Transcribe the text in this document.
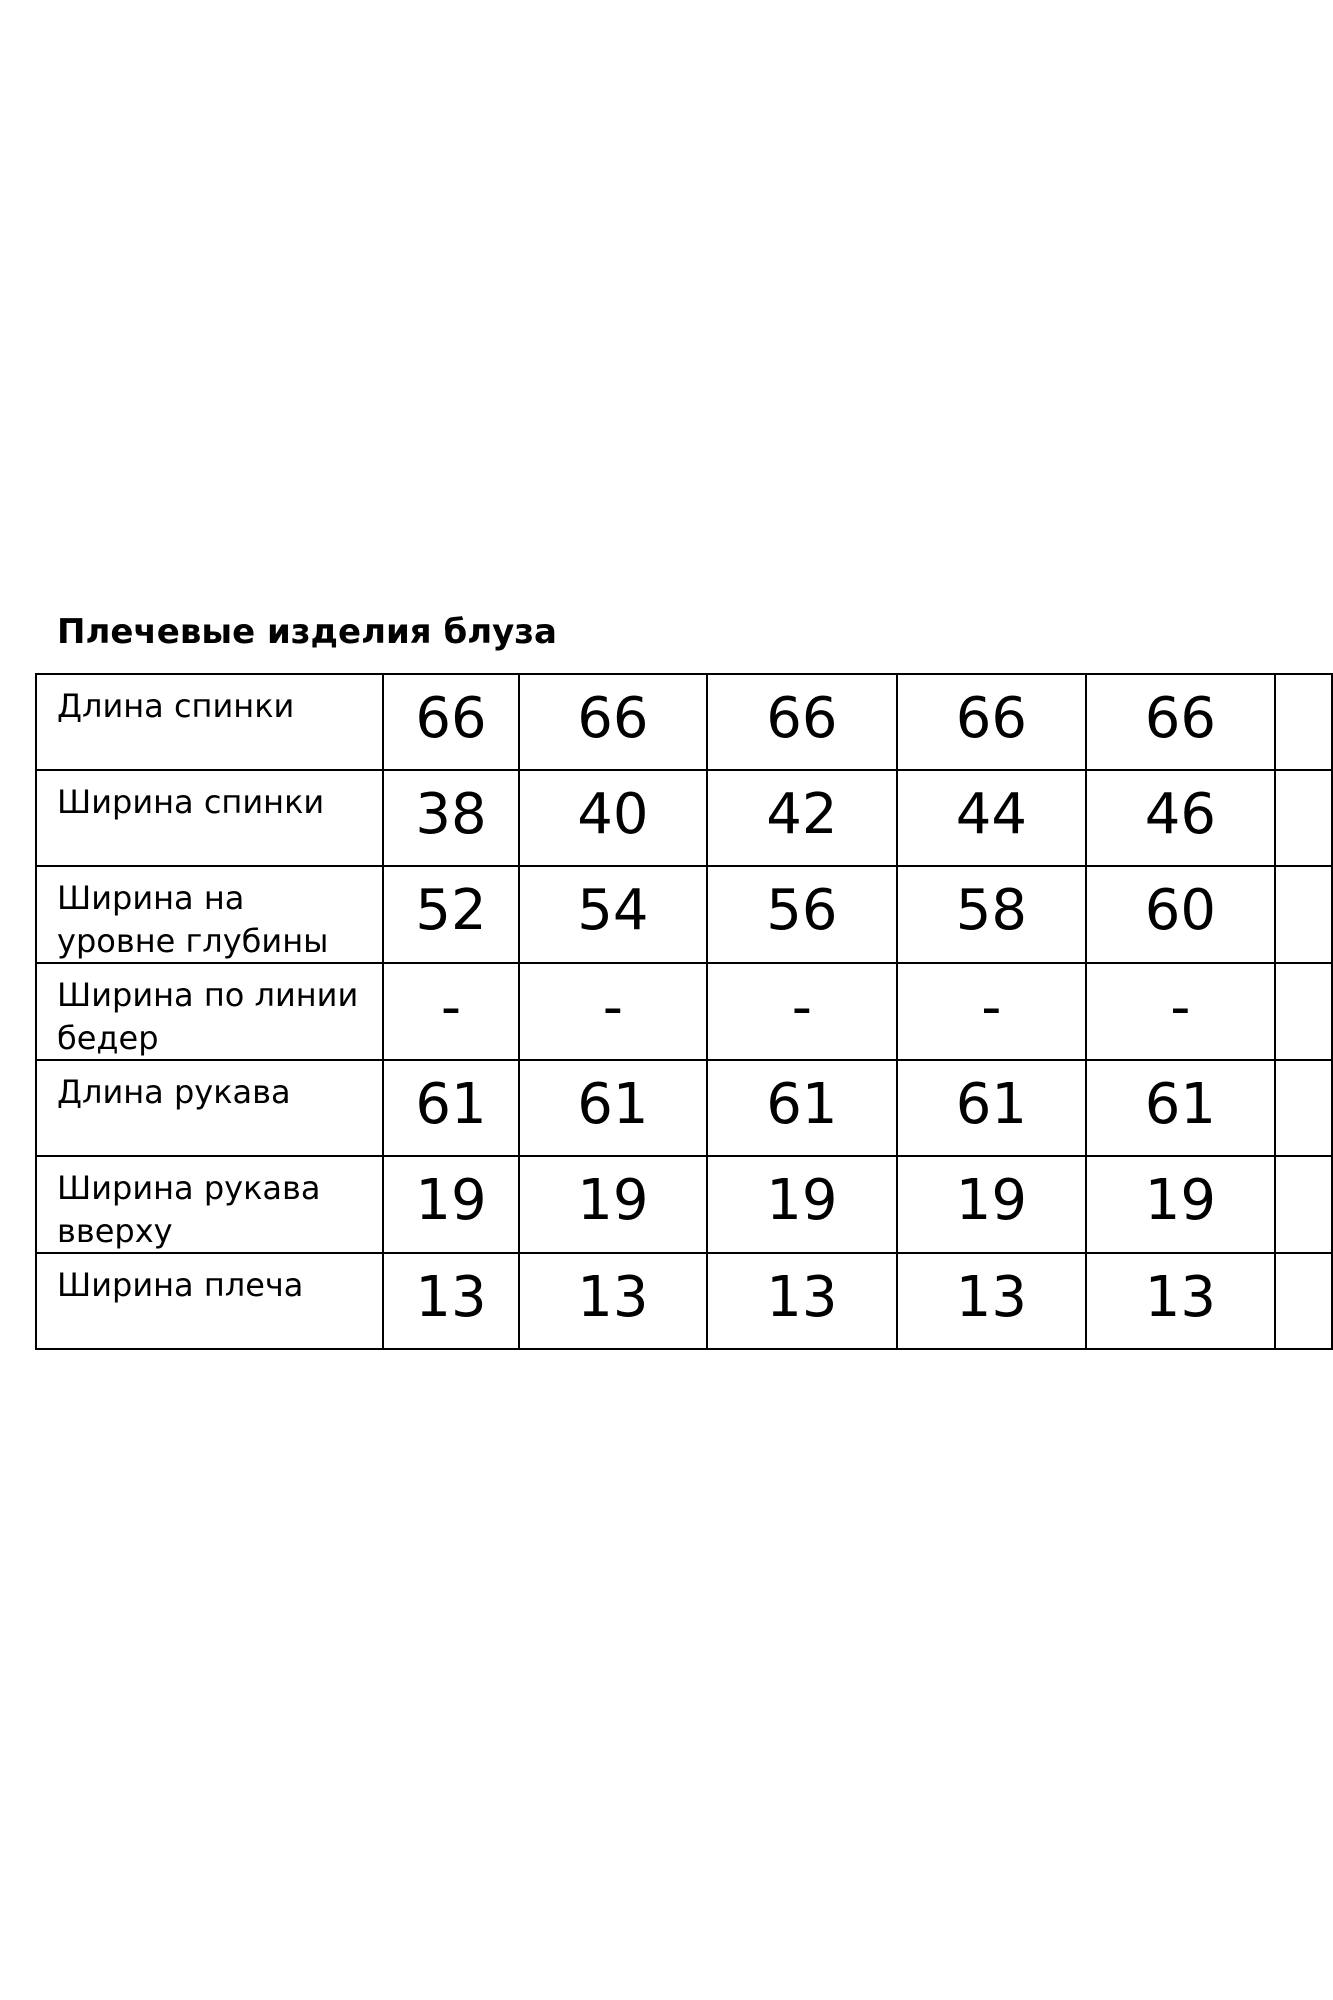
Плечевые изделия блуза
Длина спинки	66	66	66	66	66	
Ширина спинки	38	40	42	44	46	
Ширина на уровне глубины	52	54	56	58	60	
Ширина по линии бедер	-	-	-	-	-	
Длина рукава	61	61	61	61	61	
Ширина рукава вверху	19	19	19	19	19	
Ширина плеча	13	13	13	13	13	
